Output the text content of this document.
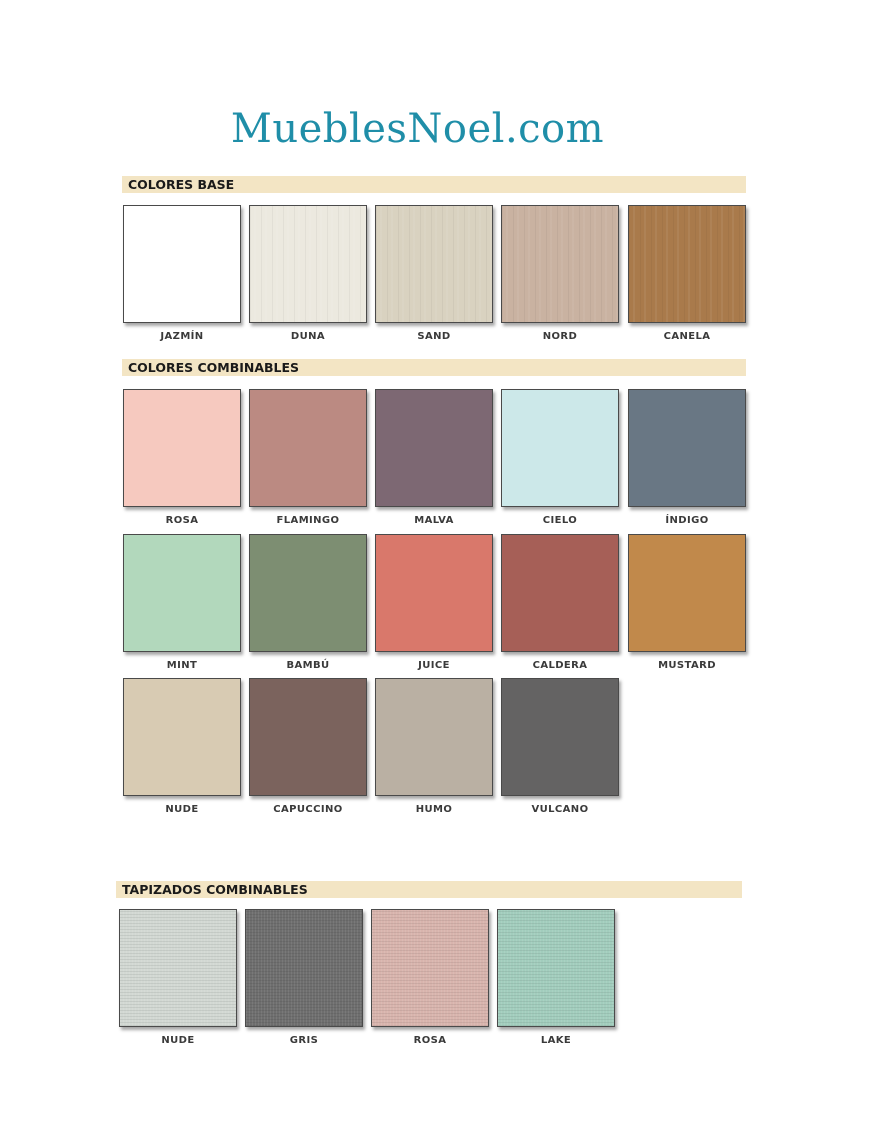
MueblesNoel.com
COLORES BASE
JAZMÍN	DUNA	SAND	NORD	CANELA
COLORES COMBINABLES
ROSA	FLAMINGO	MALVA	CIELO	ÍNDIGO
MINT	BAMBÚ	JUICE	CALDERA	MUSTARD
NUDE	CAPUCCINO	HUMO	VULCANO
TAPIZADOS COMBINABLES
NUDE	GRIS	ROSA	LAKE
